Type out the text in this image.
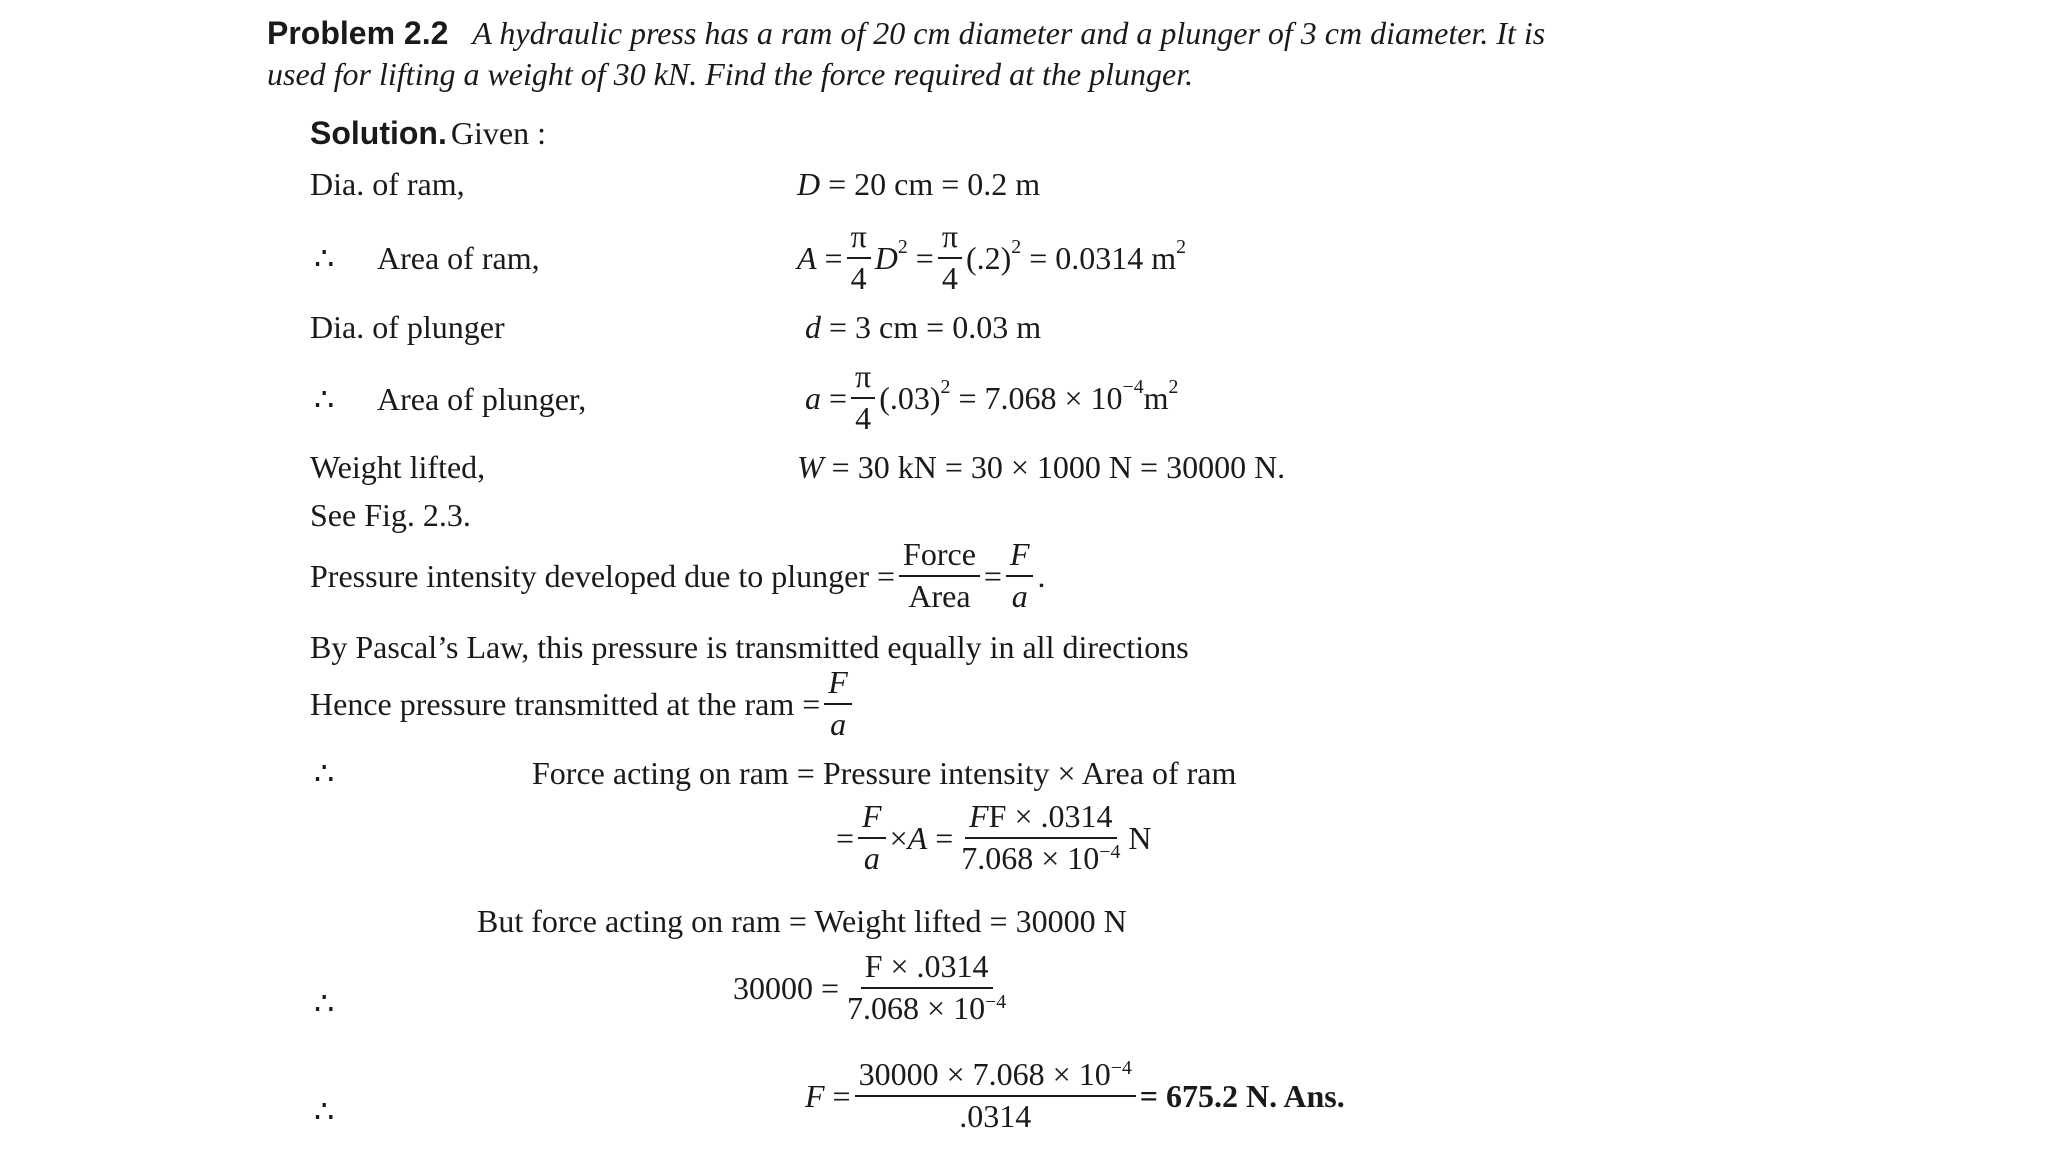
Problem 2.2 A hydraulic press has a ram of 20 cm diameter and a plunger of 3 cm diameter. It is
used for lifting a weight of 30 kN. Find the force required at the plunger.
Solution. Given :
Dia. of ram,	D = 20 cm = 0.2 m
∴ Area of ram,	A
= $\frac{\pi}{4} D^2$
= $\frac{\pi}{4} (.2)^2$
= 0.0314 $m^2$
Dia. of plunger	d = 3 cm = 0.03 m
∴ Area of plunger,	a
= $\frac{\pi}{4} (.03)^2$
= $7.068 \times 10^{-4}$ $m^2$
Weight lifted,	W = 30 kN = 30 × 1000 N = 30000 N.
See Fig. 2.3.
Pressure intensity developed due to plunger = $\frac{\text{Force}}{\text{Area}} = \frac{F}{a}$ .
By Pascal’s Law, this pressure is transmitted equally in all directions
Hence pressure transmitted at the ram = $\frac{F}{a}$
∴	Force acting on ram = Pressure intensity × Area of ram
= $\frac{F}{a} \times A$
= $\frac{FF \times .0314}{7.068 \times 10^{-4}}$ N
But force acting on ram = Weight lifted = 30000 N
∴	$30000 = \frac{F \times .0314}{7.068 \times 10^{-4}}$
∴	F
= $\frac{30000 \times 7.068 \times 10^{-4}}{.0314} = 675.2$ N. Ans.
